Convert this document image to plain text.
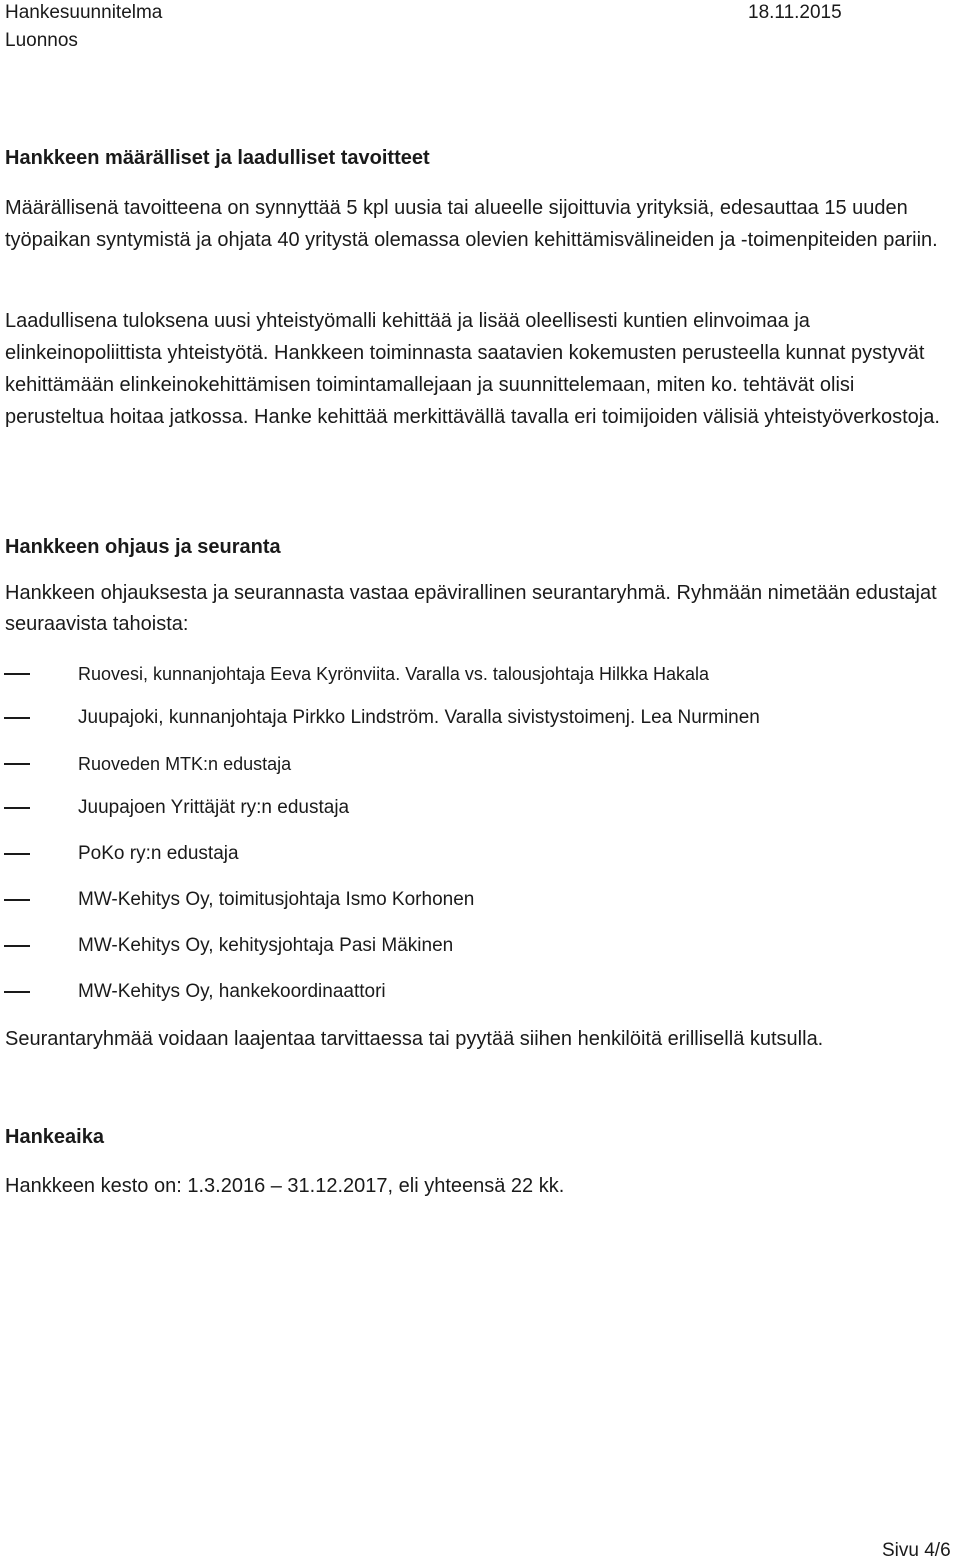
Hankesuunnitelma
Luonnos
18.11.2015
Hankkeen määrälliset ja laadulliset tavoitteet
Määrällisenä tavoitteena on synnyttää 5 kpl uusia tai alueelle sijoittuvia yrityksiä, edesauttaa 15 uuden työpaikan syntymistä ja ohjata 40 yritystä olemassa olevien kehittämisvälineiden ja -toimenpiteiden pariin.
Laadullisena tuloksena uusi yhteistyömalli kehittää ja lisää oleellisesti kuntien elinvoimaa ja elinkeinopoliittista yhteistyötä. Hankkeen toiminnasta saatavien kokemusten perusteella kunnat pystyvät kehittämään elinkeinokehittämisen toimintamallejaan ja suunnittelemaan, miten ko. tehtävät olisi perusteltua hoitaa jatkossa. Hanke kehittää merkittävällä tavalla eri toimijoiden välisiä yhteistyöverkostoja.
Hankkeen ohjaus ja seuranta
Hankkeen ohjauksesta ja seurannasta vastaa epävirallinen seurantaryhmä. Ryhmään nimetään edustajat seuraavista tahoista:
Ruovesi, kunnanjohtaja Eeva Kyrönviita. Varalla vs. talousjohtaja Hilkka Hakala
Juupajoki, kunnanjohtaja Pirkko Lindström. Varalla sivistystoimenj. Lea Nurminen
Ruoveden MTK:n edustaja
Juupajoen Yrittäjät ry:n edustaja
PoKo ry:n edustaja
MW-Kehitys Oy, toimitusjohtaja Ismo Korhonen
MW-Kehitys Oy, kehitysjohtaja Pasi Mäkinen
MW-Kehitys Oy, hankekoordinaattori
Seurantaryhmää voidaan laajentaa tarvittaessa tai pyytää siihen henkilöitä erillisellä kutsulla.
Hankeaika
Hankkeen kesto on: 1.3.2016 – 31.12.2017, eli yhteensä 22 kk.
Sivu 4/6
